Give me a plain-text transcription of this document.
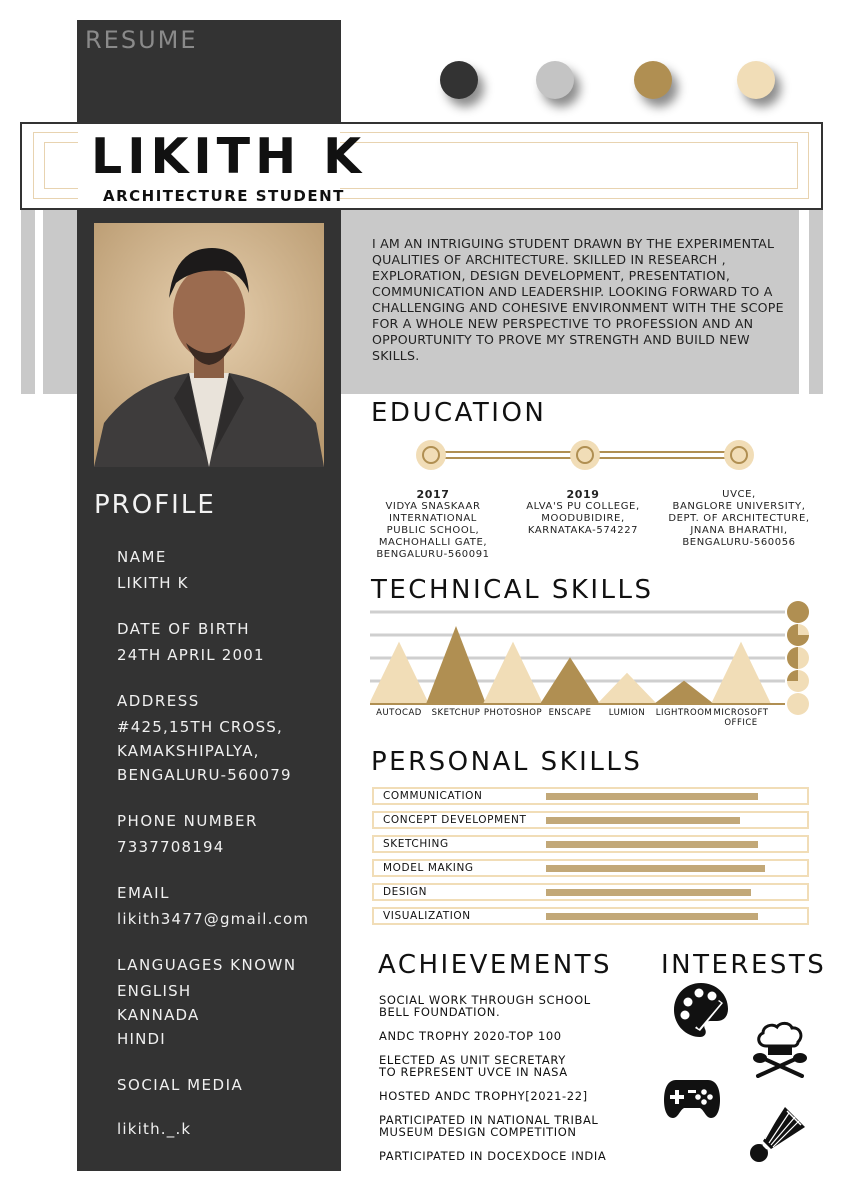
RESUME
LIKITH K
ARCHITECTURE STUDENT
I AM AN INTRIGUING STUDENT DRAWN BY THE EXPERIMENTAL QUALITIES OF ARCHITECTURE. SKILLED IN RESEARCH , EXPLORATION, DESIGN DEVELOPMENT, PRESENTATION, COMMUNICATION AND LEADERSHIP. LOOKING FORWARD TO A CHALLENGING AND COHESIVE ENVIRONMENT WITH THE SCOPE FOR A WHOLE NEW PERSPECTIVE TO PROFESSION AND AN OPPOURTUNITY TO PROVE MY STRENGTH AND BUILD NEW SKILLS.
PROFILE
NAME
LIKITH K
DATE OF BIRTH
24TH APRIL 2001
ADDRESS
#425,15TH CROSS,
KAMAKSHIPALYA,
BENGALURU-560079
PHONE NUMBER
7337708194
EMAIL
likith3477@gmail.com
LANGUAGES KNOWN
ENGLISH
KANNADA
HINDI
SOCIAL MEDIA
likith._.k
EDUCATION
2017
VIDYA SNASKAAR
INTERNATIONAL
PUBLIC SCHOOL,
MACHOHALLI GATE,
BENGALURU-560091
2019
ALVA'S PU COLLEGE,
MOODUBIDIRE,
KARNATAKA-574227
UVCE,
BANGLORE UNIVERSITY,
DEPT. OF ARCHITECTURE,
JNANA BHARATHI,
BENGALURU-560056
TECHNICAL SKILLS
AUTOCAD	SKETCHUP PHOTOSHOP ENSCAPE	LUMION	LIGHTROOM MICROSOFT OFFICE
PERSONAL SKILLS
COMMUNICATION
CONCEPT DEVELOPMENT
SKETCHING
MODEL MAKING
DESIGN
VISUALIZATION
ACHIEVEMENTS
SOCIAL WORK THROUGH SCHOOL
BELL FOUNDATION.
ANDC TROPHY 2020-TOP 100
ELECTED AS UNIT SECRETARY
TO REPRESENT UVCE IN NASA
HOSTED ANDC TROPHY[2021-22]
PARTICIPATED IN NATIONAL TRIBAL
MUSEUM DESIGN COMPETITION
PARTICIPATED IN DOCEXDOCE INDIA
INTERESTS
